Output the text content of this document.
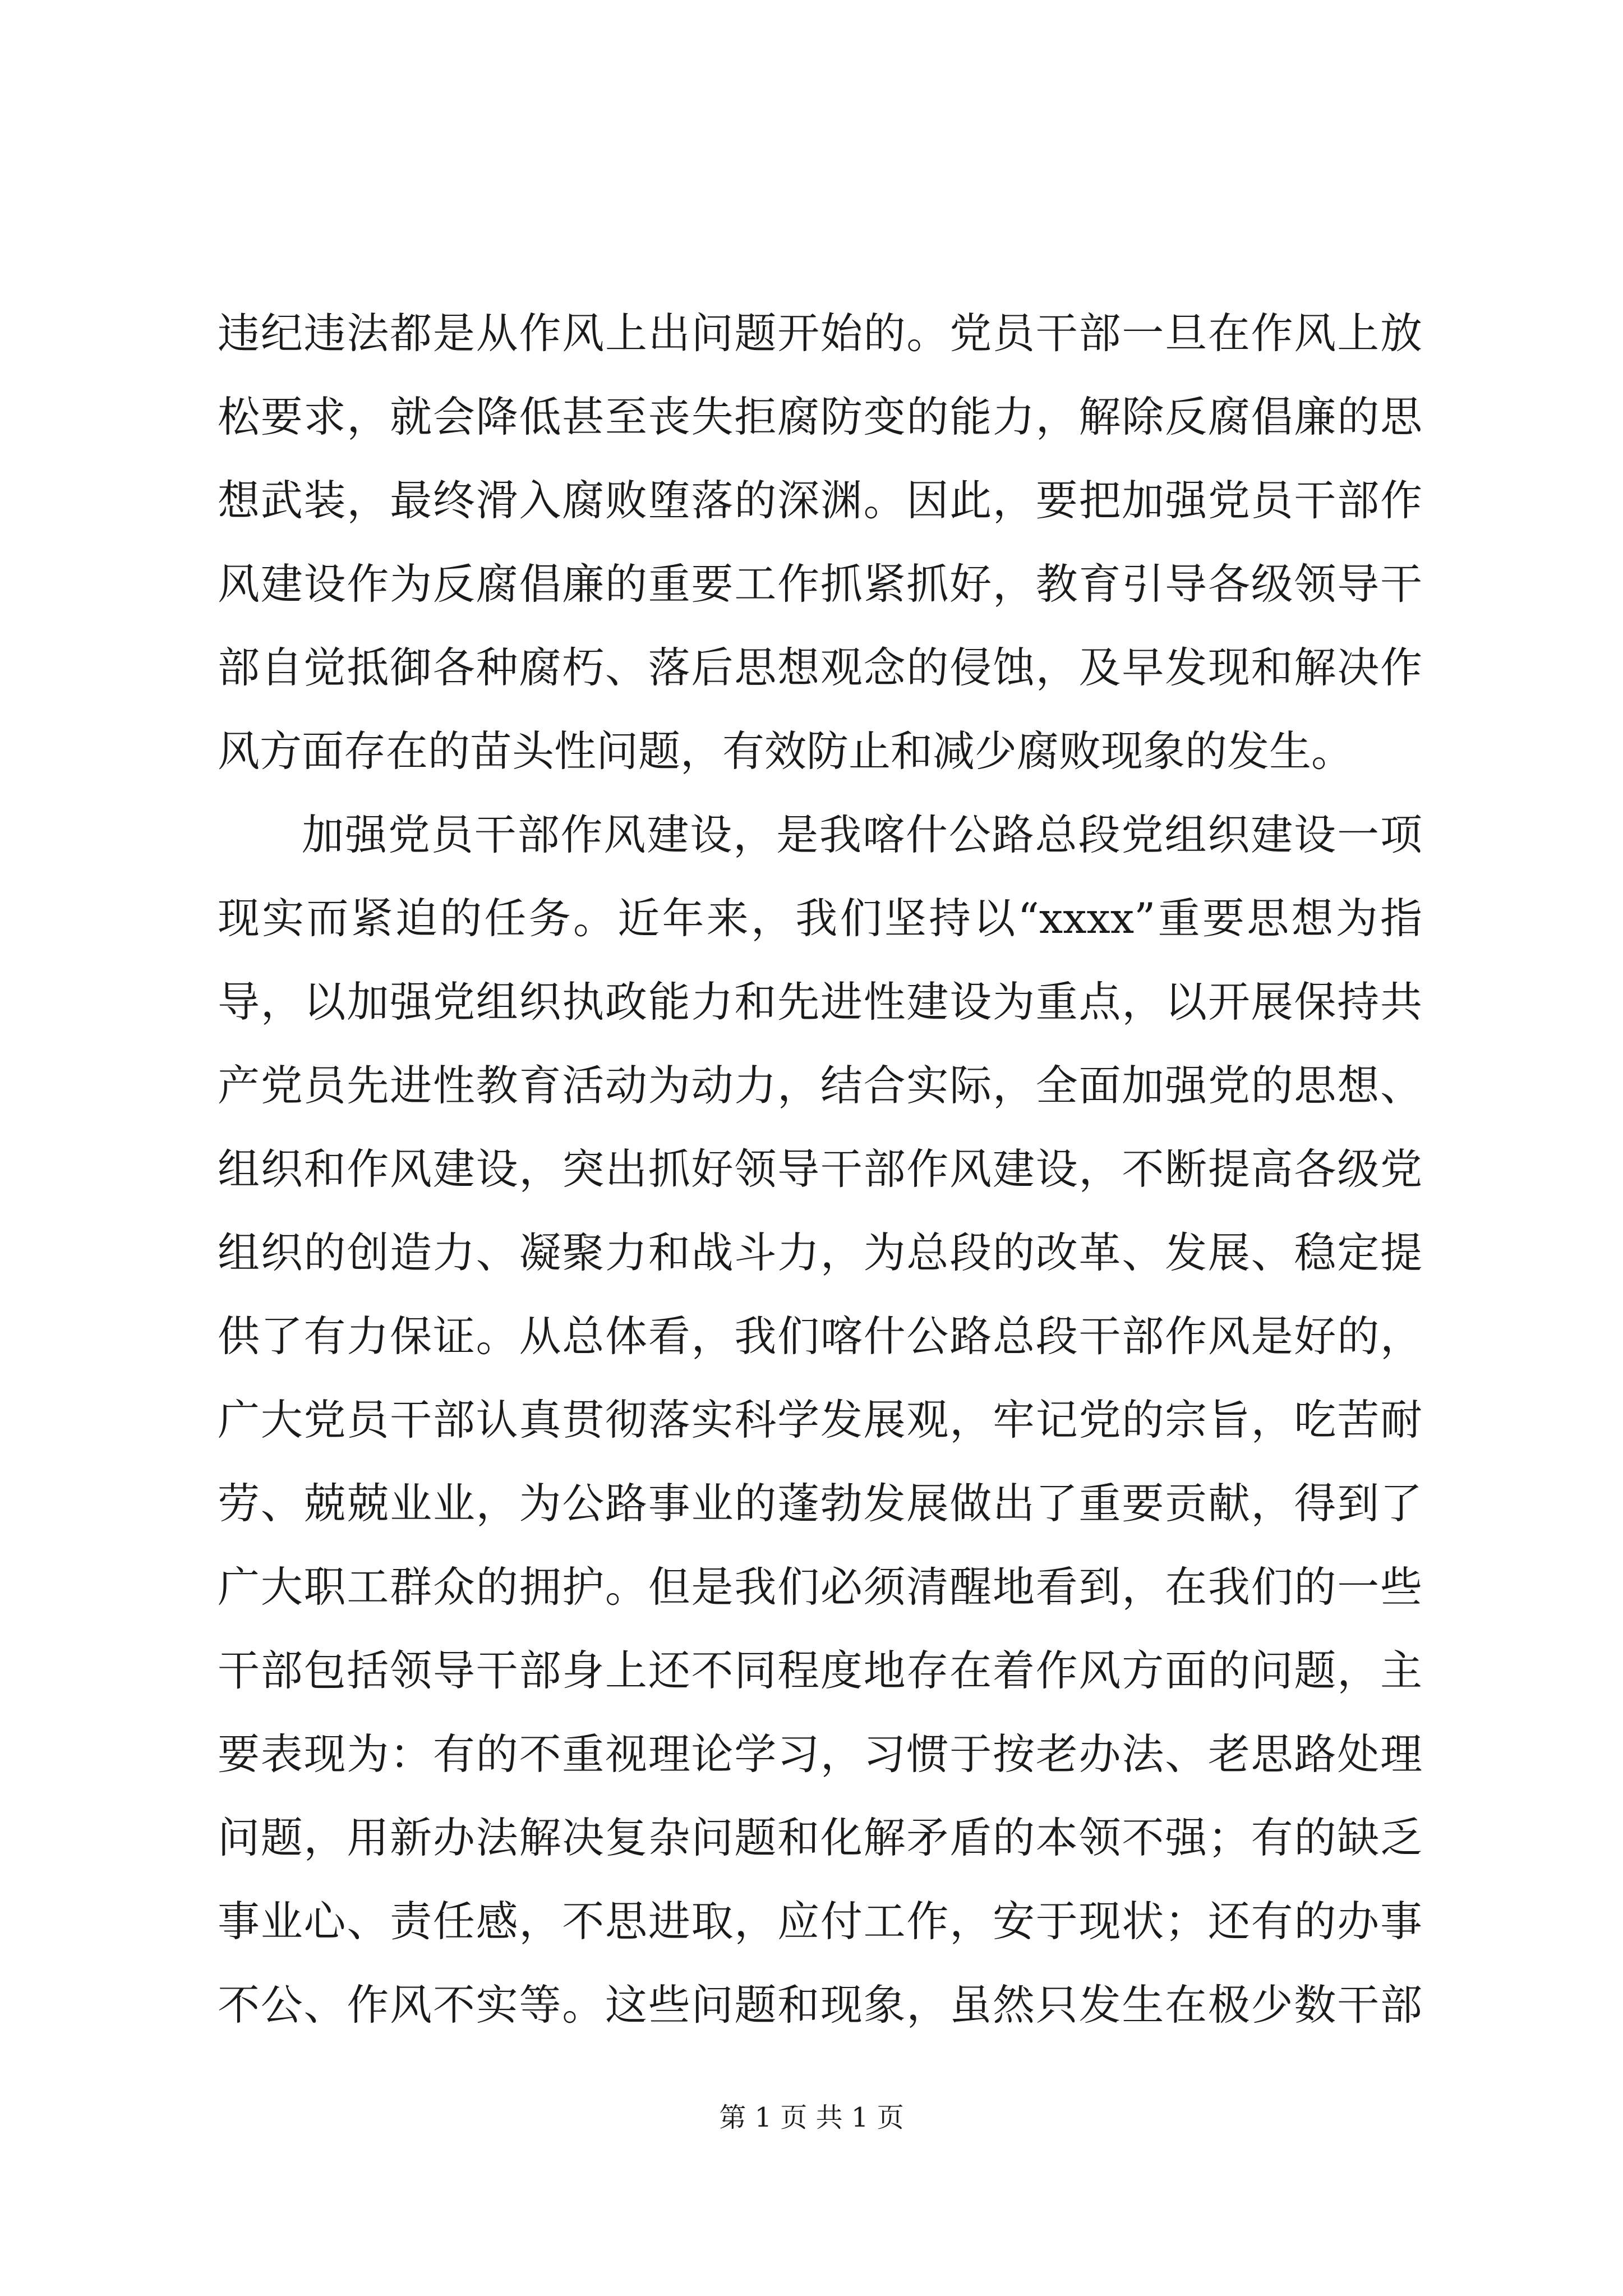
违纪违法都是从作风上出问题开始的。党员干部一旦在作风上放
松要求，就会降低甚至丧失拒腐防变的能力，解除反腐倡廉的思
想武装，最终滑入腐败堕落的深渊。因此，要把加强党员干部作
风建设作为反腐倡廉的重要工作抓紧抓好，教育引导各级领导干
部自觉抵御各种腐朽、落后思想观念的侵蚀，及早发现和解决作
风方面存在的苗头性问题，有效防止和减少腐败现象的发生。
加强党员干部作风建设，是我喀什公路总段党组织建设一项
现实而紧迫的任务。近年来，我们坚持以“xxxx”重要思想为指
导，以加强党组织执政能力和先进性建设为重点，以开展保持共
产党员先进性教育活动为动力，结合实际，全面加强党的思想、
组织和作风建设，突出抓好领导干部作风建设，不断提高各级党
组织的创造力、凝聚力和战斗力，为总段的改革、发展、稳定提
供了有力保证。从总体看，我们喀什公路总段干部作风是好的，
广大党员干部认真贯彻落实科学发展观，牢记党的宗旨，吃苦耐
劳、兢兢业业，为公路事业的蓬勃发展做出了重要贡献，得到了
广大职工群众的拥护。但是我们必须清醒地看到，在我们的一些
干部包括领导干部身上还不同程度地存在着作风方面的问题，主
要表现为：有的不重视理论学习，习惯于按老办法、老思路处理
问题，用新办法解决复杂问题和化解矛盾的本领不强；有的缺乏
事业心、责任感，不思进取，应付工作，安于现状；还有的办事
不公、作风不实等。这些问题和现象，虽然只发生在极少数干部
第 1 页 共 1 页
